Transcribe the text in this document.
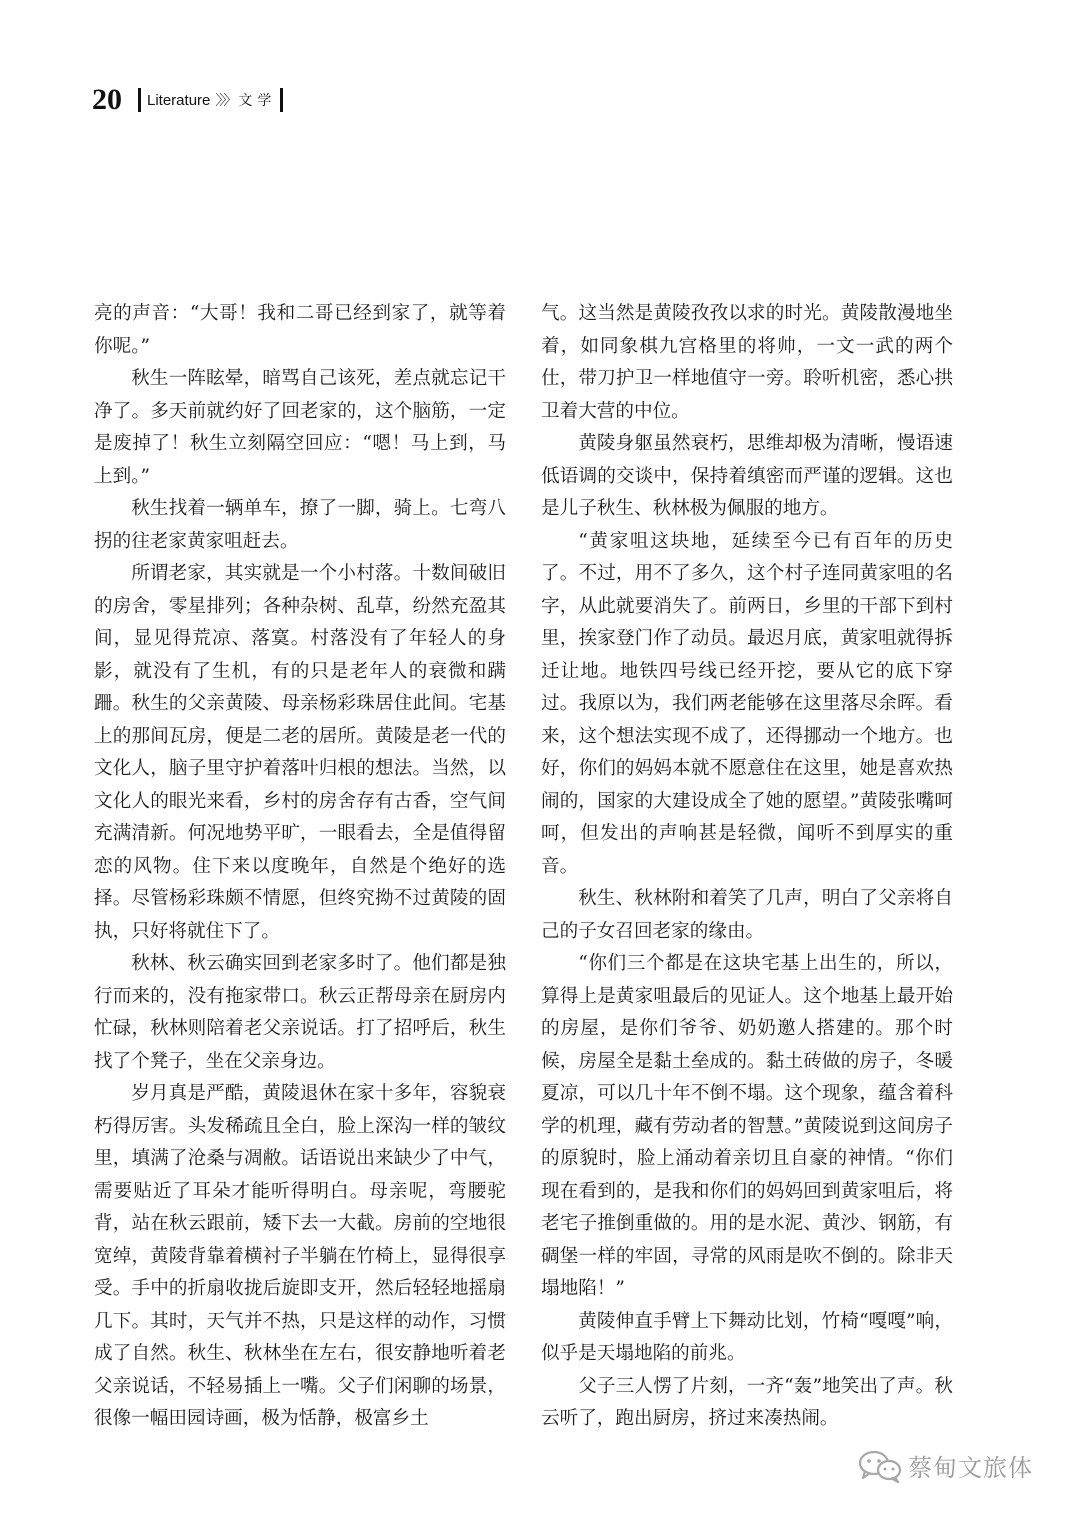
20 Literature 〉〉〉 文学

亮的声音：“大哥！我和二哥已经到家了，就等着你呢。”

秋生一阵眩晕，暗骂自己该死，差点就忘记干净了。多天前就约好了回老家的，这个脑筋，一定是废掉了！秋生立刻隔空回应：“嗯！马上到，马上到。”

秋生找着一辆单车，撩了一脚，骑上。七弯八拐的往老家黄家咀赶去。

所谓老家，其实就是一个小村落。十数间破旧的房舍，零星排列；各种杂树、乱草，纷然充盈其间，显见得荒凉、落寞。村落没有了年轻人的身影，就没有了生机，有的只是老年人的衰微和蹒跚。秋生的父亲黄陵、母亲杨彩珠居住此间。宅基上的那间瓦房，便是二老的居所。黄陵是老一代的文化人，脑子里守护着落叶归根的想法。当然，以文化人的眼光来看，乡村的房舍存有古香，空气间充满清新。何况地势平旷，一眼看去，全是值得留恋的风物。住下来以度晚年，自然是个绝好的选择。尽管杨彩珠颇不情愿，但终究拗不过黄陵的固执，只好将就住下了。

秋林、秋云确实回到老家多时了。他们都是独行而来的，没有拖家带口。秋云正帮母亲在厨房内忙碌，秋林则陪着老父亲说话。打了招呼后，秋生找了个凳子，坐在父亲身边。

岁月真是严酷，黄陵退休在家十多年，容貌衰朽得厉害。头发稀疏且全白，脸上深沟一样的皱纹里，填满了沧桑与凋敝。话语说出来缺少了中气，需要贴近了耳朵才能听得明白。母亲呢，弯腰驼背，站在秋云跟前，矮下去一大截。房前的空地很宽绰，黄陵背靠着横衬子半躺在竹椅上，显得很享受。手中的折扇收拢后旋即支开，然后轻轻地摇扇几下。其时，天气并不热，只是这样的动作，习惯成了自然。秋生、秋林坐在左右，很安静地听着老父亲说话，不轻易插上一嘴。父子们闲聊的场景，很像一幅田园诗画，极为恬静，极富乡土

气。这当然是黄陵孜孜以求的时光。黄陵散漫地坐着，如同象棋九宫格里的将帅，一文一武的两个仕，带刀护卫一样地值守一旁。聆听机密，悉心拱卫着大营的中位。

黄陵身躯虽然衰朽，思维却极为清晰，慢语速低语调的交谈中，保持着缜密而严谨的逻辑。这也是儿子秋生、秋林极为佩服的地方。

“黄家咀这块地，延续至今已有百年的历史了。不过，用不了多久，这个村子连同黄家咀的名字，从此就要消失了。前两日，乡里的干部下到村里，挨家登门作了动员。最迟月底，黄家咀就得拆迁让地。地铁四号线已经开挖，要从它的底下穿过。我原以为，我们两老能够在这里落尽余晖。看来，这个想法实现不成了，还得挪动一个地方。也好，你们的妈妈本就不愿意住在这里，她是喜欢热闹的，国家的大建设成全了她的愿望。”黄陵张嘴呵呵，但发出的声响甚是轻微，闻听不到厚实的重音。

秋生、秋林附和着笑了几声，明白了父亲将自己的子女召回老家的缘由。

“你们三个都是在这块宅基上出生的，所以，算得上是黄家咀最后的见证人。这个地基上最开始的房屋，是你们爷爷、奶奶邀人搭建的。那个时候，房屋全是黏土垒成的。黏土砖做的房子，冬暖夏凉，可以几十年不倒不塌。这个现象，蕴含着科学的机理，藏有劳动者的智慧。”黄陵说到这间房子的原貌时，脸上涌动着亲切且自豪的神情。“你们现在看到的，是我和你们的妈妈回到黄家咀后，将老宅子推倒重做的。用的是水泥、黄沙、钢筋，有碉堡一样的牢固，寻常的风雨是吹不倒的。除非天塌地陷！”

黄陵伸直手臂上下舞动比划，竹椅“嘎嘎”响，似乎是天塌地陷的前兆。

父子三人愣了片刻，一齐“轰”地笑出了声。秋云听了，跑出厨房，挤过来凑热闹。

蔡甸文旅体
